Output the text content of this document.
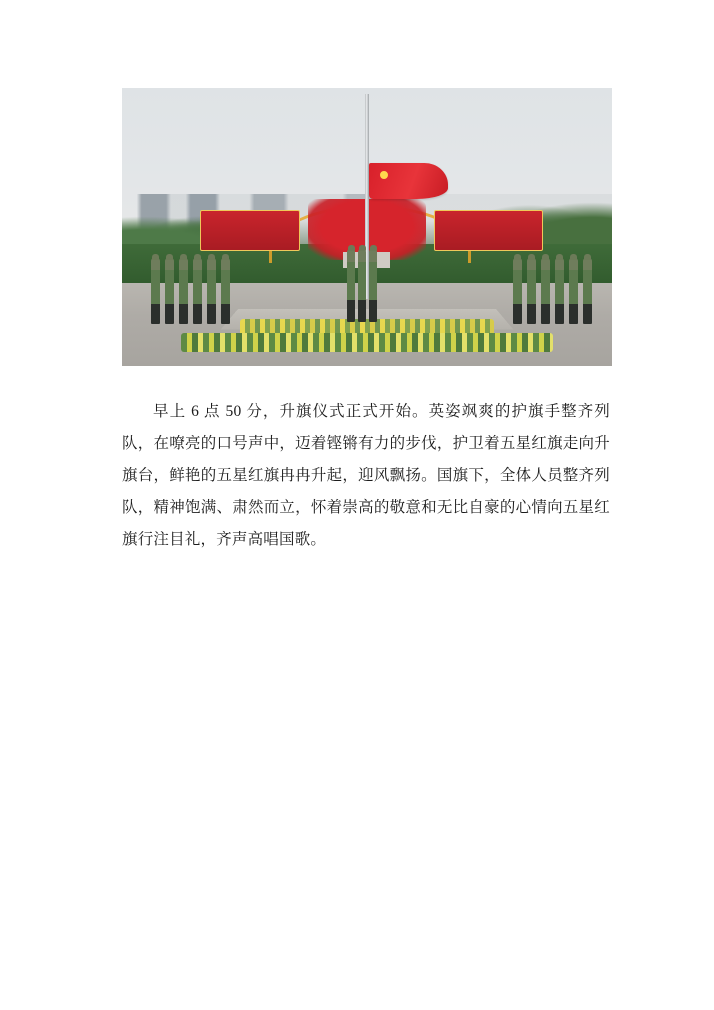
早上 6 点 50 分，升旗仪式正式开始。英姿飒爽的护旗手整齐列队，在嘹亮的口号声中，迈着铿锵有力的步伐，护卫着五星红旗走向升旗台，鲜艳的五星红旗冉冉升起，迎风飘扬。国旗下，全体人员整齐列队，精神饱满、肃然而立，怀着崇高的敬意和无比自豪的心情向五星红旗行注目礼，齐声高唱国歌。
